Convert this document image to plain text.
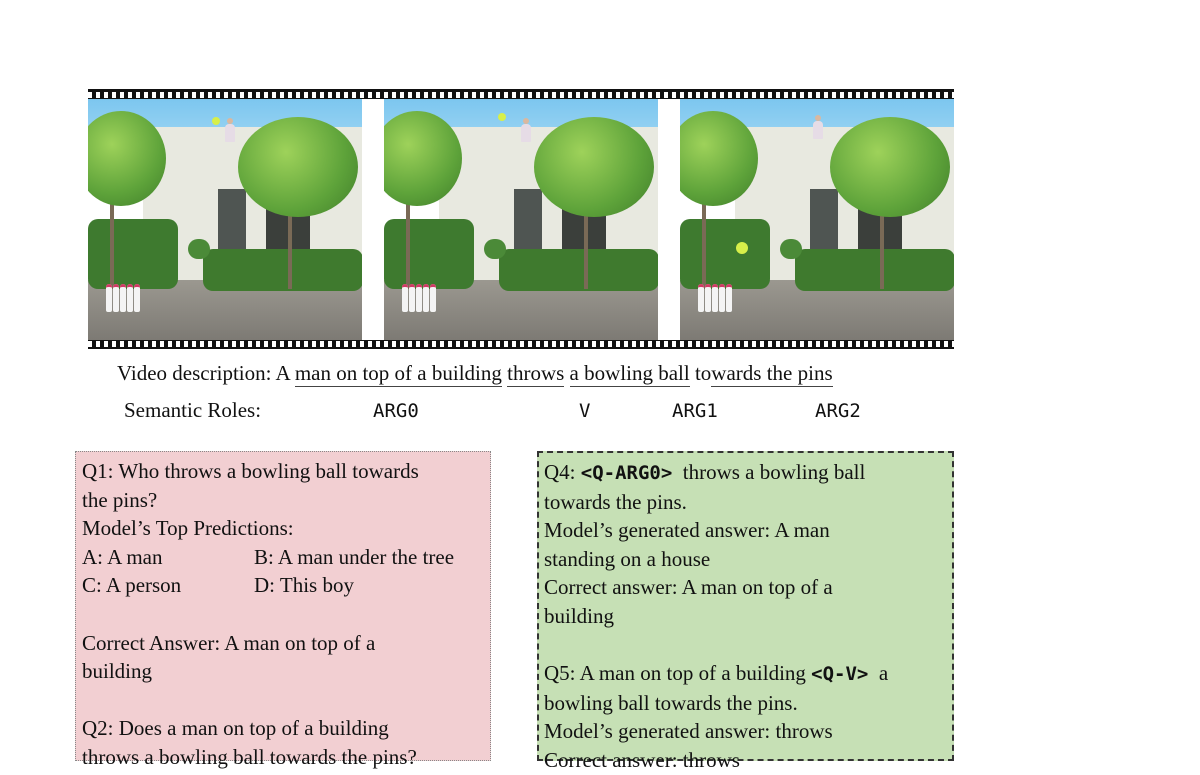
Video description: A man on top of a building throws a bowling ball towards the pins
Semantic Roles:	ARG0	V	ARG1	ARG2
Q1: Who throws a bowling ball towards
the pins?
Model’s Top Predictions:
A: A man	B: A man under the tree
C: A person	D: This boy
Correct Answer: A man on top of a
building
Q2: Does a man on top of a building
throws a bowling ball towards the pins?
Q4: <Q-ARG0>  throws a bowling ball
towards the pins.
Model’s generated answer: A man
standing on a house
Correct answer: A man on top of a
building
Q5: A man on top of a building <Q-V>  a
bowling ball towards the pins.
Model’s generated answer: throws
Correct answer: throws
